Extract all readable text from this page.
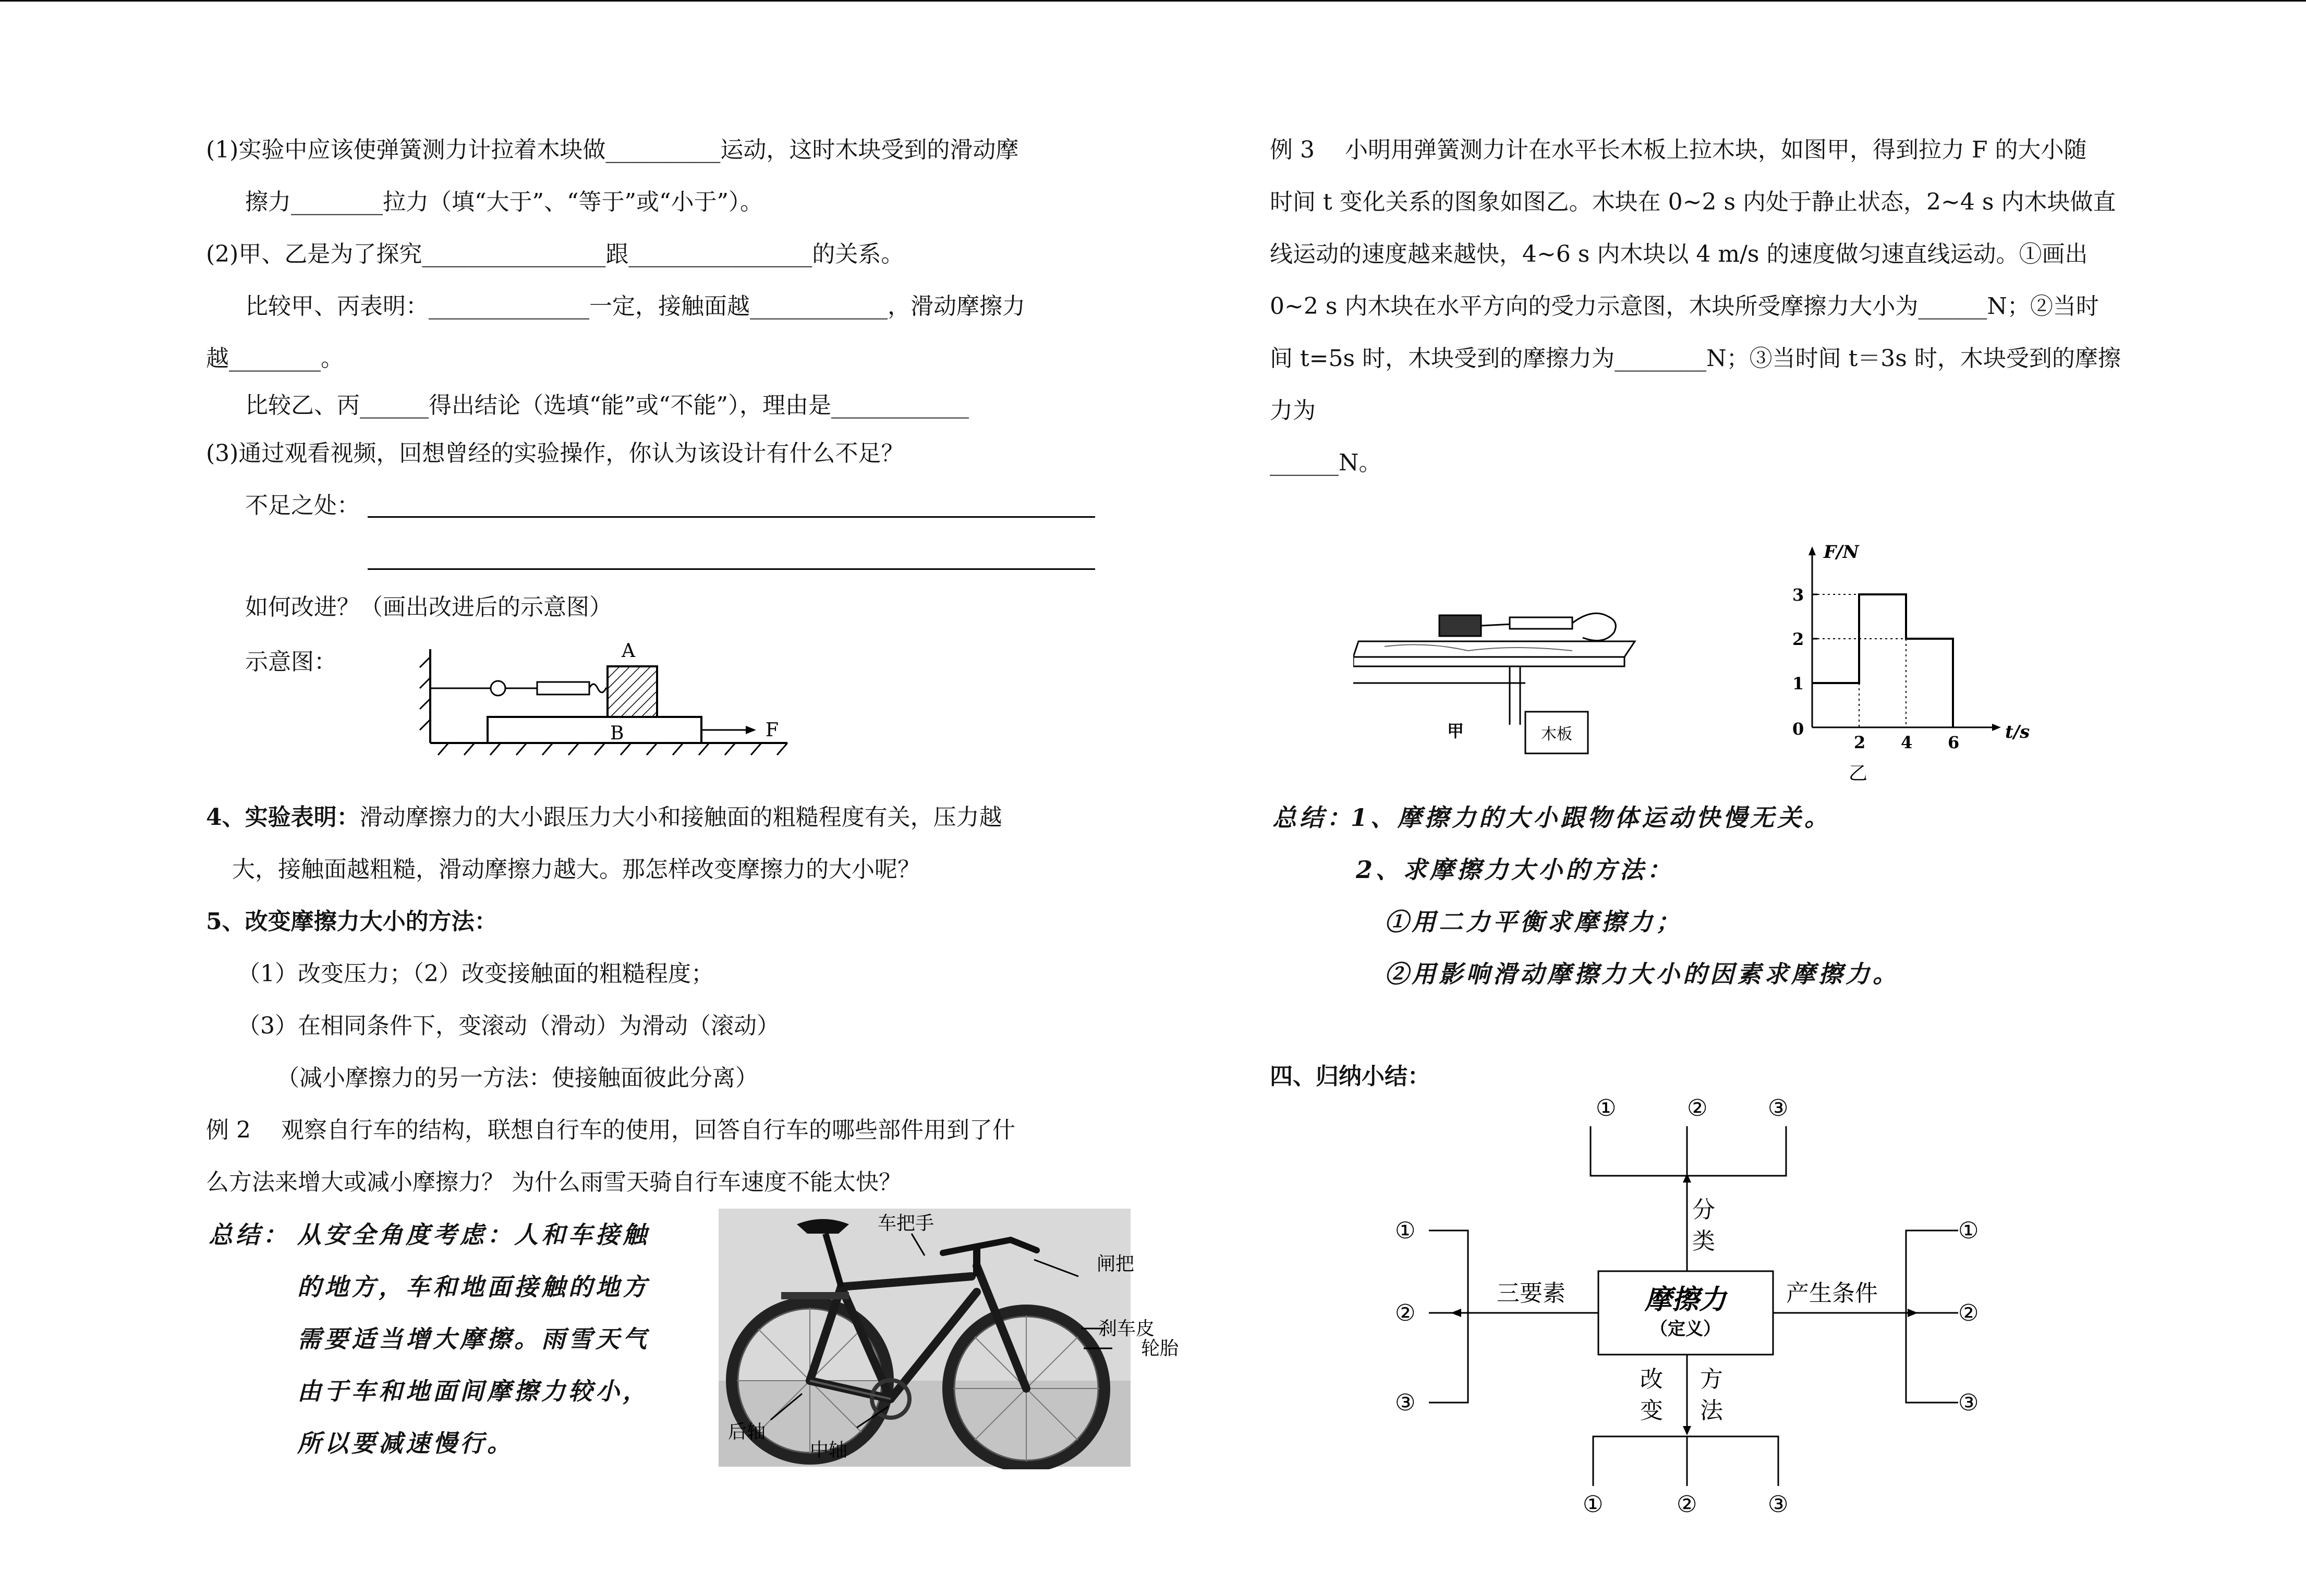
(1)实验中应该使弹簧测力计拉着木块做__________运动，这时木块受到的滑动摩
擦力________拉力（填“大于”、“等于”或“小于”）。
(2)甲、乙是为了探究________________跟________________的关系。
比较甲、丙表明：______________一定，接触面越____________，滑动摩擦力
越________。
比较乙、丙______得出结论（选填“能”或“不能”），理由是____________
(3)通过观看视频，回想曾经的实验操作，你认为该设计有什么不足？
不足之处：
如何改进？（画出改进后的示意图）
示意图：	A
B	F
4、实验表明：滑动摩擦力的大小跟压力大小和接触面的粗糙程度有关，压力越
大，接触面越粗糙，滑动摩擦力越大。那怎样改变摩擦力的大小呢？
5、改变摩擦力大小的方法：
（1）改变压力；（2）改变接触面的粗糙程度；
（3）在相同条件下，变滚动（滑动）为滑动（滚动）
（减小摩擦力的另一方法：使接触面彼此分离）
例 2　 观察自行车的结构，联想自行车的使用，回答自行车的哪些部件用到了什
么方法来增大或减小摩擦力？ 为什么雨雪天骑自行车速度不能太快？
总结： 从安全角度考虑：人和车接触
的地方，车和地面接触的地方
需要适当增大摩擦。雨雪天气
由于车和地面间摩擦力较小，
所以要减速慢行。
车把手
闸把
刹车皮
轮胎
后轴
中轴
例 3 　小明用弹簧测力计在水平长木板上拉木块，如图甲，得到拉力 F 的大小随
时间 t 变化关系的图象如图乙。木块在 0~2 s 内处于静止状态，2~4 s 内木块做直
线运动的速度越来越快，4~6 s 内木块以 4 m/s 的速度做匀速直线运动。①画出
0~2 s 内木块在水平方向的受力示意图，木块所受摩擦力大小为______N；②当时
间 t=5s 时，木块受到的摩擦力为________N；③当时间 t＝3s 时，木块受到的摩擦
力为
______N。
木板
甲
F/N
t/s
0
2 4 6
1
2
3
乙
总结：
1、摩擦力的大小跟物体运动快慢无关。
2、求摩擦力大小的方法：
①用二力平衡求摩擦力；
②用影响滑动摩擦力大小的因素求摩擦力。
四、归纳小结：
①	②	③
分
类
摩擦力
（定义）
三要素
①
②
③
产生条件
①
②
③
改
变
方
法
①	②	③
